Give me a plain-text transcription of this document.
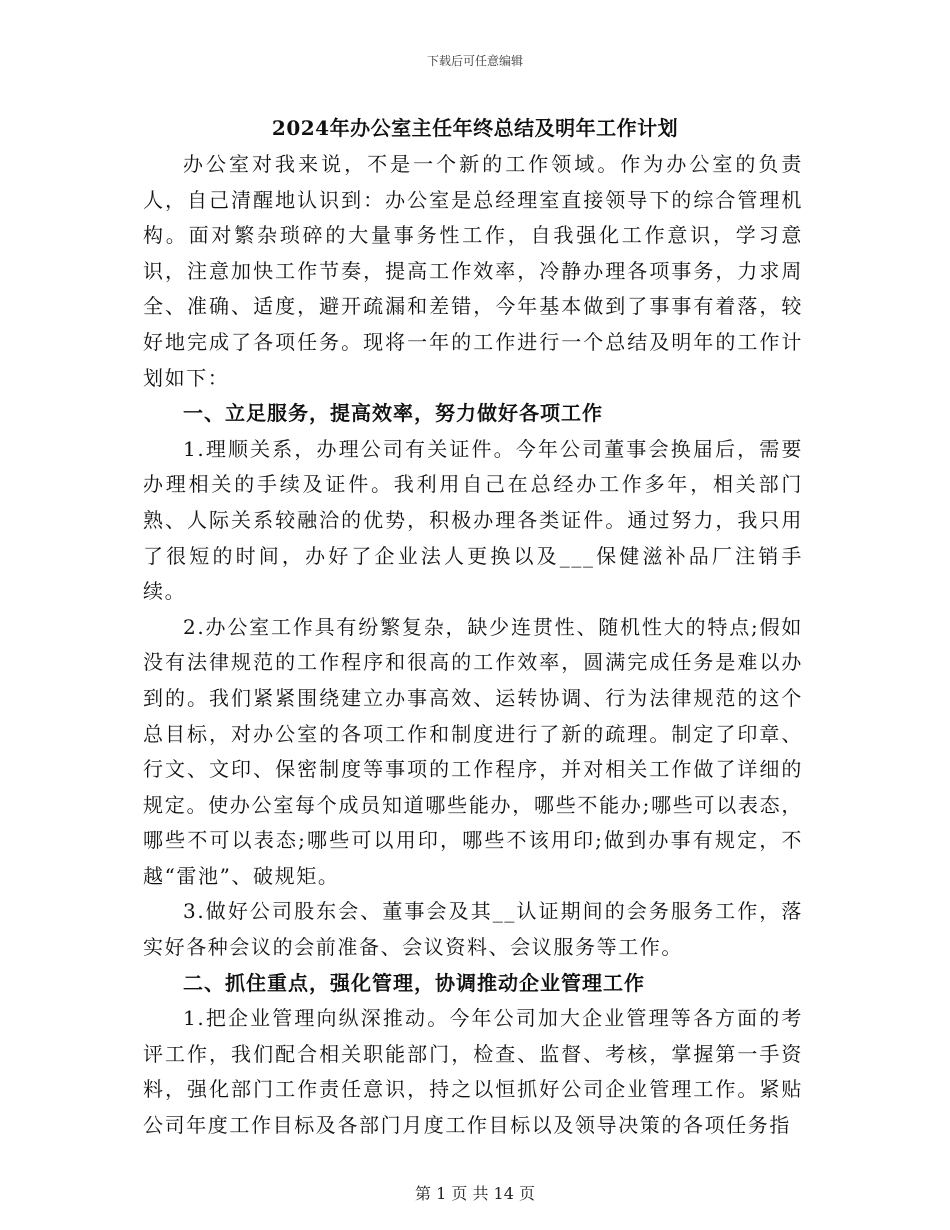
下载后可任意编辑
2024年办公室主任年终总结及明年工作计划

办公室对我来说，不是一个新的工作领域。作为办公室的负责人，自己清醒地认识到：办公室是总经理室直接领导下的综合管理机构。面对繁杂琐碎的大量事务性工作，自我强化工作意识，学习意识，注意加快工作节奏，提高工作效率，冷静办理各项事务，力求周全、准确、适度，避开疏漏和差错，今年基本做到了事事有着落，较好地完成了各项任务。现将一年的工作进行一个总结及明年的工作计划如下：

一、立足服务，提高效率，努力做好各项工作

1.理顺关系，办理公司有关证件。今年公司董事会换届后，需要办理相关的手续及证件。我利用自己在总经办工作多年，相关部门熟、人际关系较融洽的优势，积极办理各类证件。通过努力，我只用了很短的时间，办好了企业法人更换以及___保健滋补品厂注销手续。

2.办公室工作具有纷繁复杂，缺少连贯性、随机性大的特点;假如没有法律规范的工作程序和很高的工作效率，圆满完成任务是难以办到的。我们紧紧围绕建立办事高效、运转协调、行为法律规范的这个总目标，对办公室的各项工作和制度进行了新的疏理。制定了印章、行文、文印、保密制度等事项的工作程序，并对相关工作做了详细的规定。使办公室每个成员知道哪些能办，哪些不能办;哪些可以表态，哪些不可以表态;哪些可以用印，哪些不该用印;做到办事有规定，不越“雷池”、破规矩。

3.做好公司股东会、董事会及其__认证期间的会务服务工作，落实好各种会议的会前准备、会议资料、会议服务等工作。

二、抓住重点，强化管理，协调推动企业管理工作

1.把企业管理向纵深推动。今年公司加大企业管理等各方面的考评工作，我们配合相关职能部门，检查、监督、考核，掌握第一手资料，强化部门工作责任意识，持之以恒抓好公司企业管理工作。紧贴公司年度工作目标及各部门月度工作目标以及领导决策的各项任务指

第 1 页 共 14 页
